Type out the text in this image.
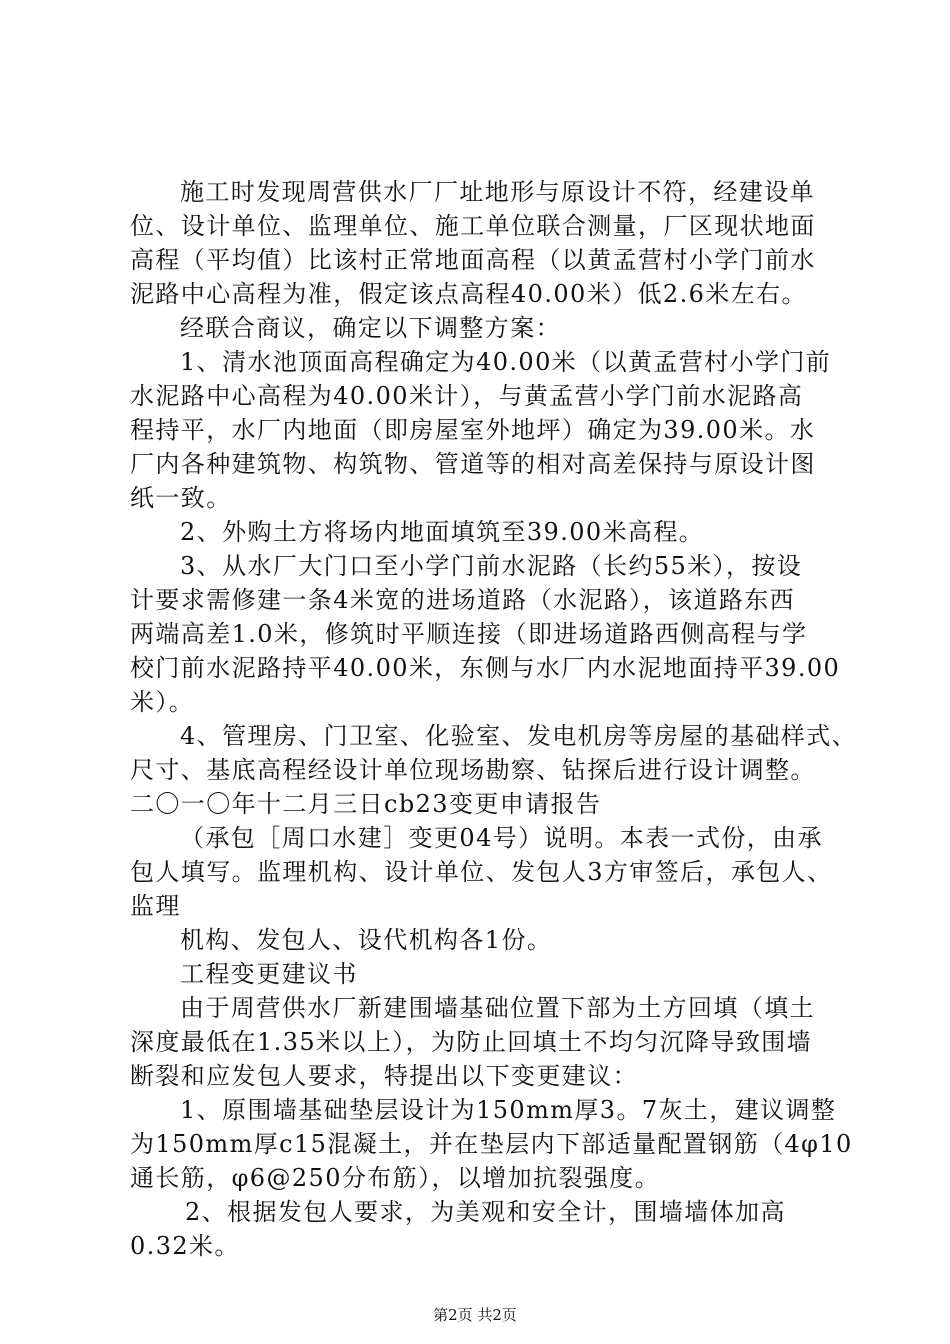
施工时发现周营供水厂厂址地形与原设计不符，经建设单
位、设计单位、监理单位、施工单位联合测量，厂区现状地面
高程（平均值）比该村正常地面高程（以黄孟营村小学门前水
泥路中心高程为准，假定该点高程40.00米）低2.6米左右。
经联合商议，确定以下调整方案：
1、清水池顶面高程确定为40.00米（以黄孟营村小学门前
水泥路中心高程为40.00米计），与黄孟营小学门前水泥路高
程持平，水厂内地面（即房屋室外地坪）确定为39.00米。水
厂内各种建筑物、构筑物、管道等的相对高差保持与原设计图
纸一致。
2、外购土方将场内地面填筑至39.00米高程。
3、从水厂大门口至小学门前水泥路（长约55米），按设
计要求需修建一条4米宽的进场道路（水泥路），该道路东西
两端高差1.0米，修筑时平顺连接（即进场道路西侧高程与学
校门前水泥路持平40.00米，东侧与水厂内水泥地面持平39.00
米）。
4、管理房、门卫室、化验室、发电机房等房屋的基础样式、
尺寸、基底高程经设计单位现场勘察、钻探后进行设计调整。
二〇一〇年十二月三日cb23变更申请报告
（承包［周口水建］变更04号）说明。本表一式份，由承
包人填写。监理机构、设计单位、发包人3方审签后，承包人、
监理
机构、发包人、设代机构各1份。
工程变更建议书
由于周营供水厂新建围墙基础位置下部为土方回填（填土
深度最低在1.35米以上），为防止回填土不均匀沉降导致围墙
断裂和应发包人要求，特提出以下变更建议：
1、原围墙基础垫层设计为150mm厚3。7灰土，建议调整
为150mm厚c15混凝土，并在垫层内下部适量配置钢筋（4φ10
通长筋，φ6@250分布筋），以增加抗裂强度。
2、根据发包人要求，为美观和安全计，围墙墙体加高
0.32米。
第2页 共2页
